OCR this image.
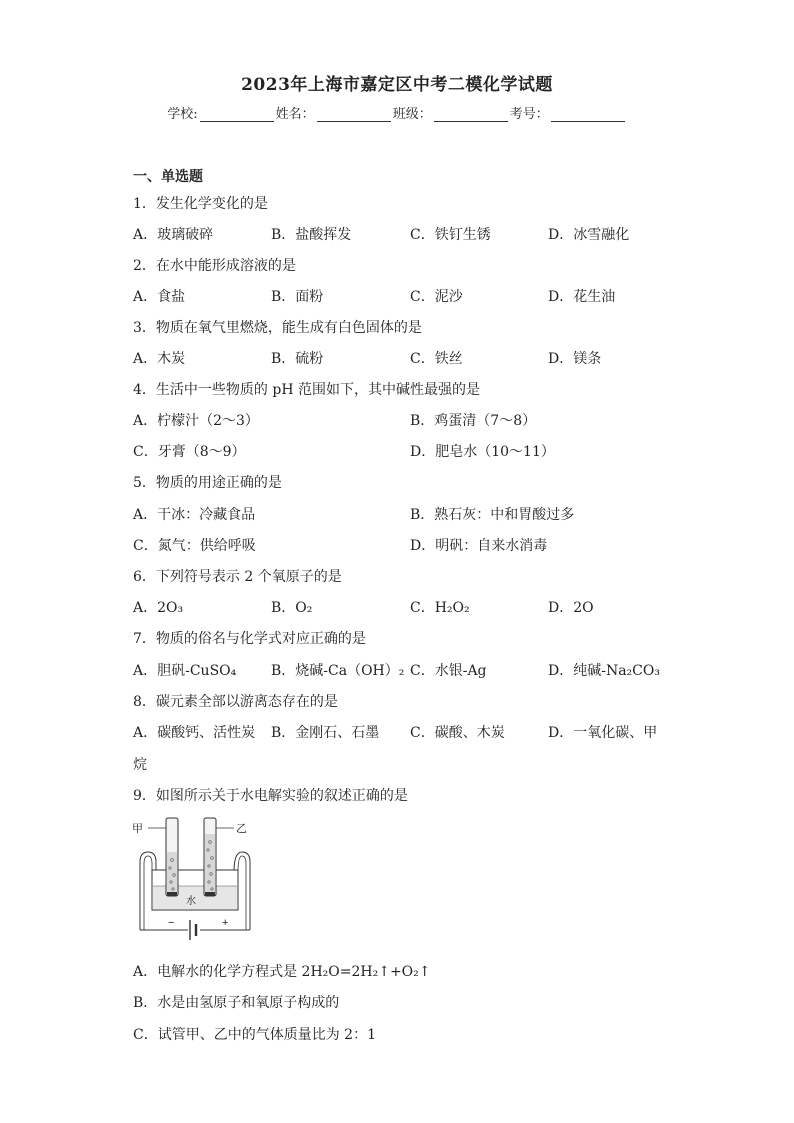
2023年上海市嘉定区中考二模化学试题
学校:	姓名：	班级：	考号：
一、单选题
1．发生化学变化的是
A．玻璃破碎	B．盐酸挥发	C．铁钉生锈	D．冰雪融化
2．在水中能形成溶液的是
A．食盐	B．面粉	C．泥沙	D．花生油
3．物质在氧气里燃烧，能生成有白色固体的是
A．木炭	B．硫粉	C．铁丝	D．镁条
4．生活中一些物质的 pH 范围如下，其中碱性最强的是
A．柠檬汁（2～3）	B．鸡蛋清（7～8）
C．牙膏（8～9）	D．肥皂水（10～11）
5．物质的用途正确的是
A．干冰：冷藏食品	B．熟石灰：中和胃酸过多
C．氮气：供给呼吸	D．明矾：自来水消毒
6．下列符号表示 2 个氧原子的是
A．2O₃	B．O₂	C．H₂O₂	D．2O
7．物质的俗名与化学式对应正确的是
A．胆矾-CuSO₄ B．烧碱-Ca（OH）₂ C．水银-Ag	D．纯碱-Na₂CO₃
8．碳元素全部以游离态存在的是
A．碳酸钙、活性炭 B．金刚石、石墨 C．碳酸、木炭	D．一氧化碳、甲
烷
9．如图所示关于水电解实验的叙述正确的是
甲	乙
水
−	+
A．电解水的化学方程式是 2H₂O=2H₂↑+O₂↑
B．水是由氢原子和氧原子构成的
C．试管甲、乙中的气体质量比为 2：1
